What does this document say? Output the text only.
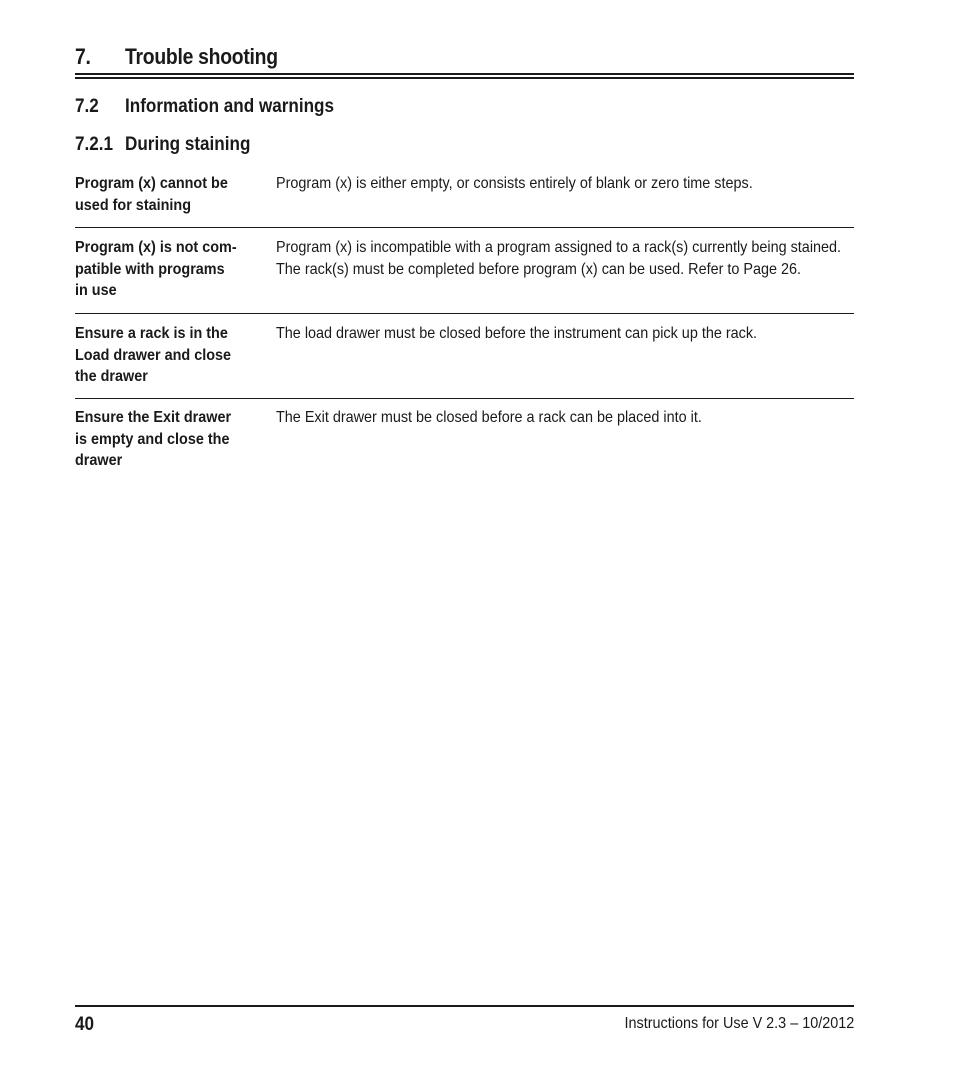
7. Trouble shooting
7.2 Information and warnings
7.2.1 During staining
Program (x) cannot be used for staining
Program (x) is either empty, or consists entirely of blank or zero time steps.
Program (x) is not com-patible with programs in use
Program (x) is incompatible with a program assigned to a rack(s) currently being stained. The rack(s) must be completed before program (x) can be used. Refer to Page 26.
Ensure a rack is in the Load drawer and close the drawer
The load drawer must be closed before the instrument can pick up the rack.
Ensure the Exit drawer is empty and close the drawer
The Exit drawer must be closed before a rack can be placed into it.
40	Instructions for Use V 2.3 – 10/2012
